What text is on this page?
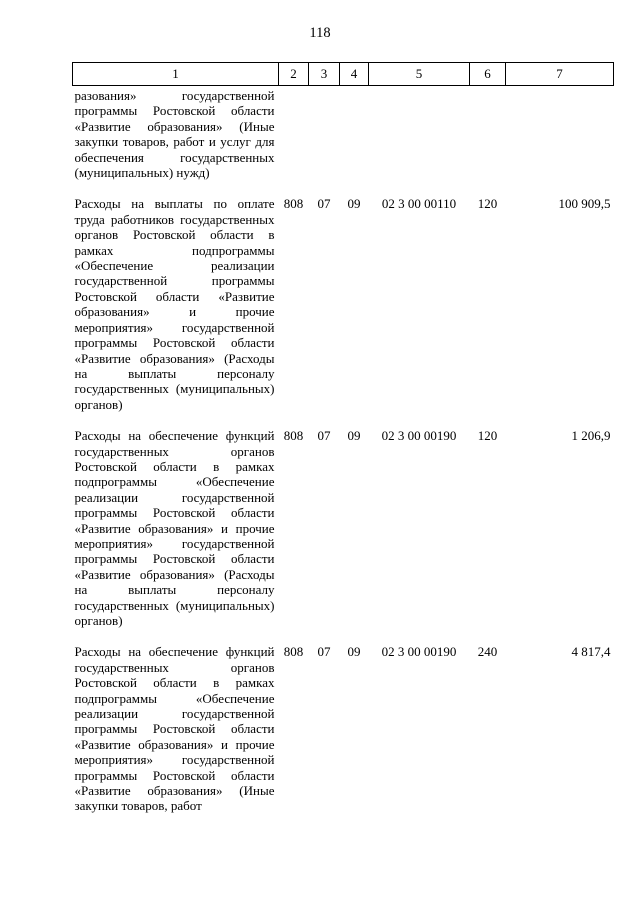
118
1	2	3	4	5	6	7
разования» государственной программы Ростовской области «Развитие образования» (Иные закупки товаров, работ и услуг для обеспечения государственных (муниципальных) нужд)						
Расходы на выплаты по оплате труда работников государственных органов Ростовской области в рамках подпрограммы «Обеспечение реализации государственной программы Ростовской области «Развитие образования» и прочие мероприятия» государственной программы Ростовской области «Развитие образования» (Расходы на выплаты персоналу государственных (муниципальных) органов)	808	07	09	02 3 00 00110	120	100 909,5
Расходы на обеспечение функций государственных органов Ростовской области в рамках подпрограммы «Обеспечение реализации государственной программы Ростовской области «Развитие образования» и прочие мероприятия» государственной программы Ростовской области «Развитие образования» (Расходы на выплаты персоналу государственных (муниципальных) органов)	808	07	09	02 3 00 00190	120	1 206,9
Расходы на обеспечение функций государственных органов Ростовской области в рамках подпрограммы «Обеспечение реализации государственной программы Ростовской области «Развитие образования» и прочие мероприятия» государственной программы Ростовской области «Развитие образования» (Иные закупки товаров, работ	808	07	09	02 3 00 00190	240	4 817,4
